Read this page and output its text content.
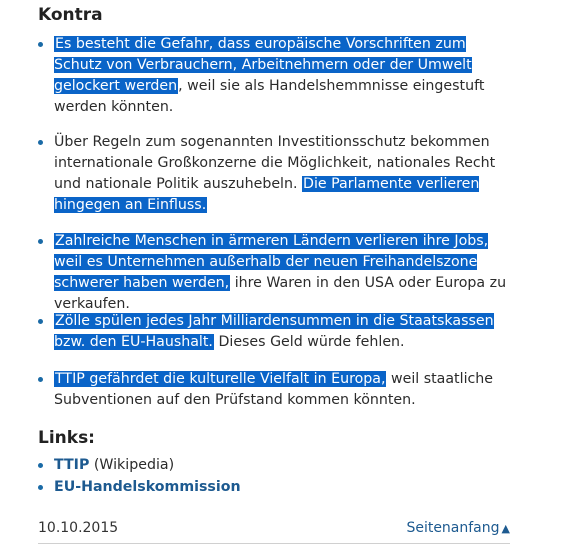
Kontra
Es besteht die Gefahr, dass europäische Vorschriften zum Schutz von Verbrauchern, Arbeitnehmern oder der Umwelt gelockert werden, weil sie als Handelshemmnisse eingestuft werden könnten.
Über Regeln zum sogenannten Investitionsschutz bekommen internationale Großkonzerne die Möglichkeit, nationales Recht und nationale Politik auszuhebeln. Die Parlamente verlieren hingegen an Einfluss.
Zahlreiche Menschen in ärmeren Ländern verlieren ihre Jobs, weil es Unternehmen außerhalb der neuen Freihandelszone schwerer haben werden, ihre Waren in den USA oder Europa zu verkaufen.
Zölle spülen jedes Jahr Milliardensummen in die Staatskassen bzw. den EU-Haushalt. Dieses Geld würde fehlen.
TTIP gefährdet die kulturelle Vielfalt in Europa, weil staatliche Subventionen auf den Prüfstand kommen könnten.
Links:
TTIP (Wikipedia)
EU-Handelskommission
10.10.2015	Seitenanfang ▲
